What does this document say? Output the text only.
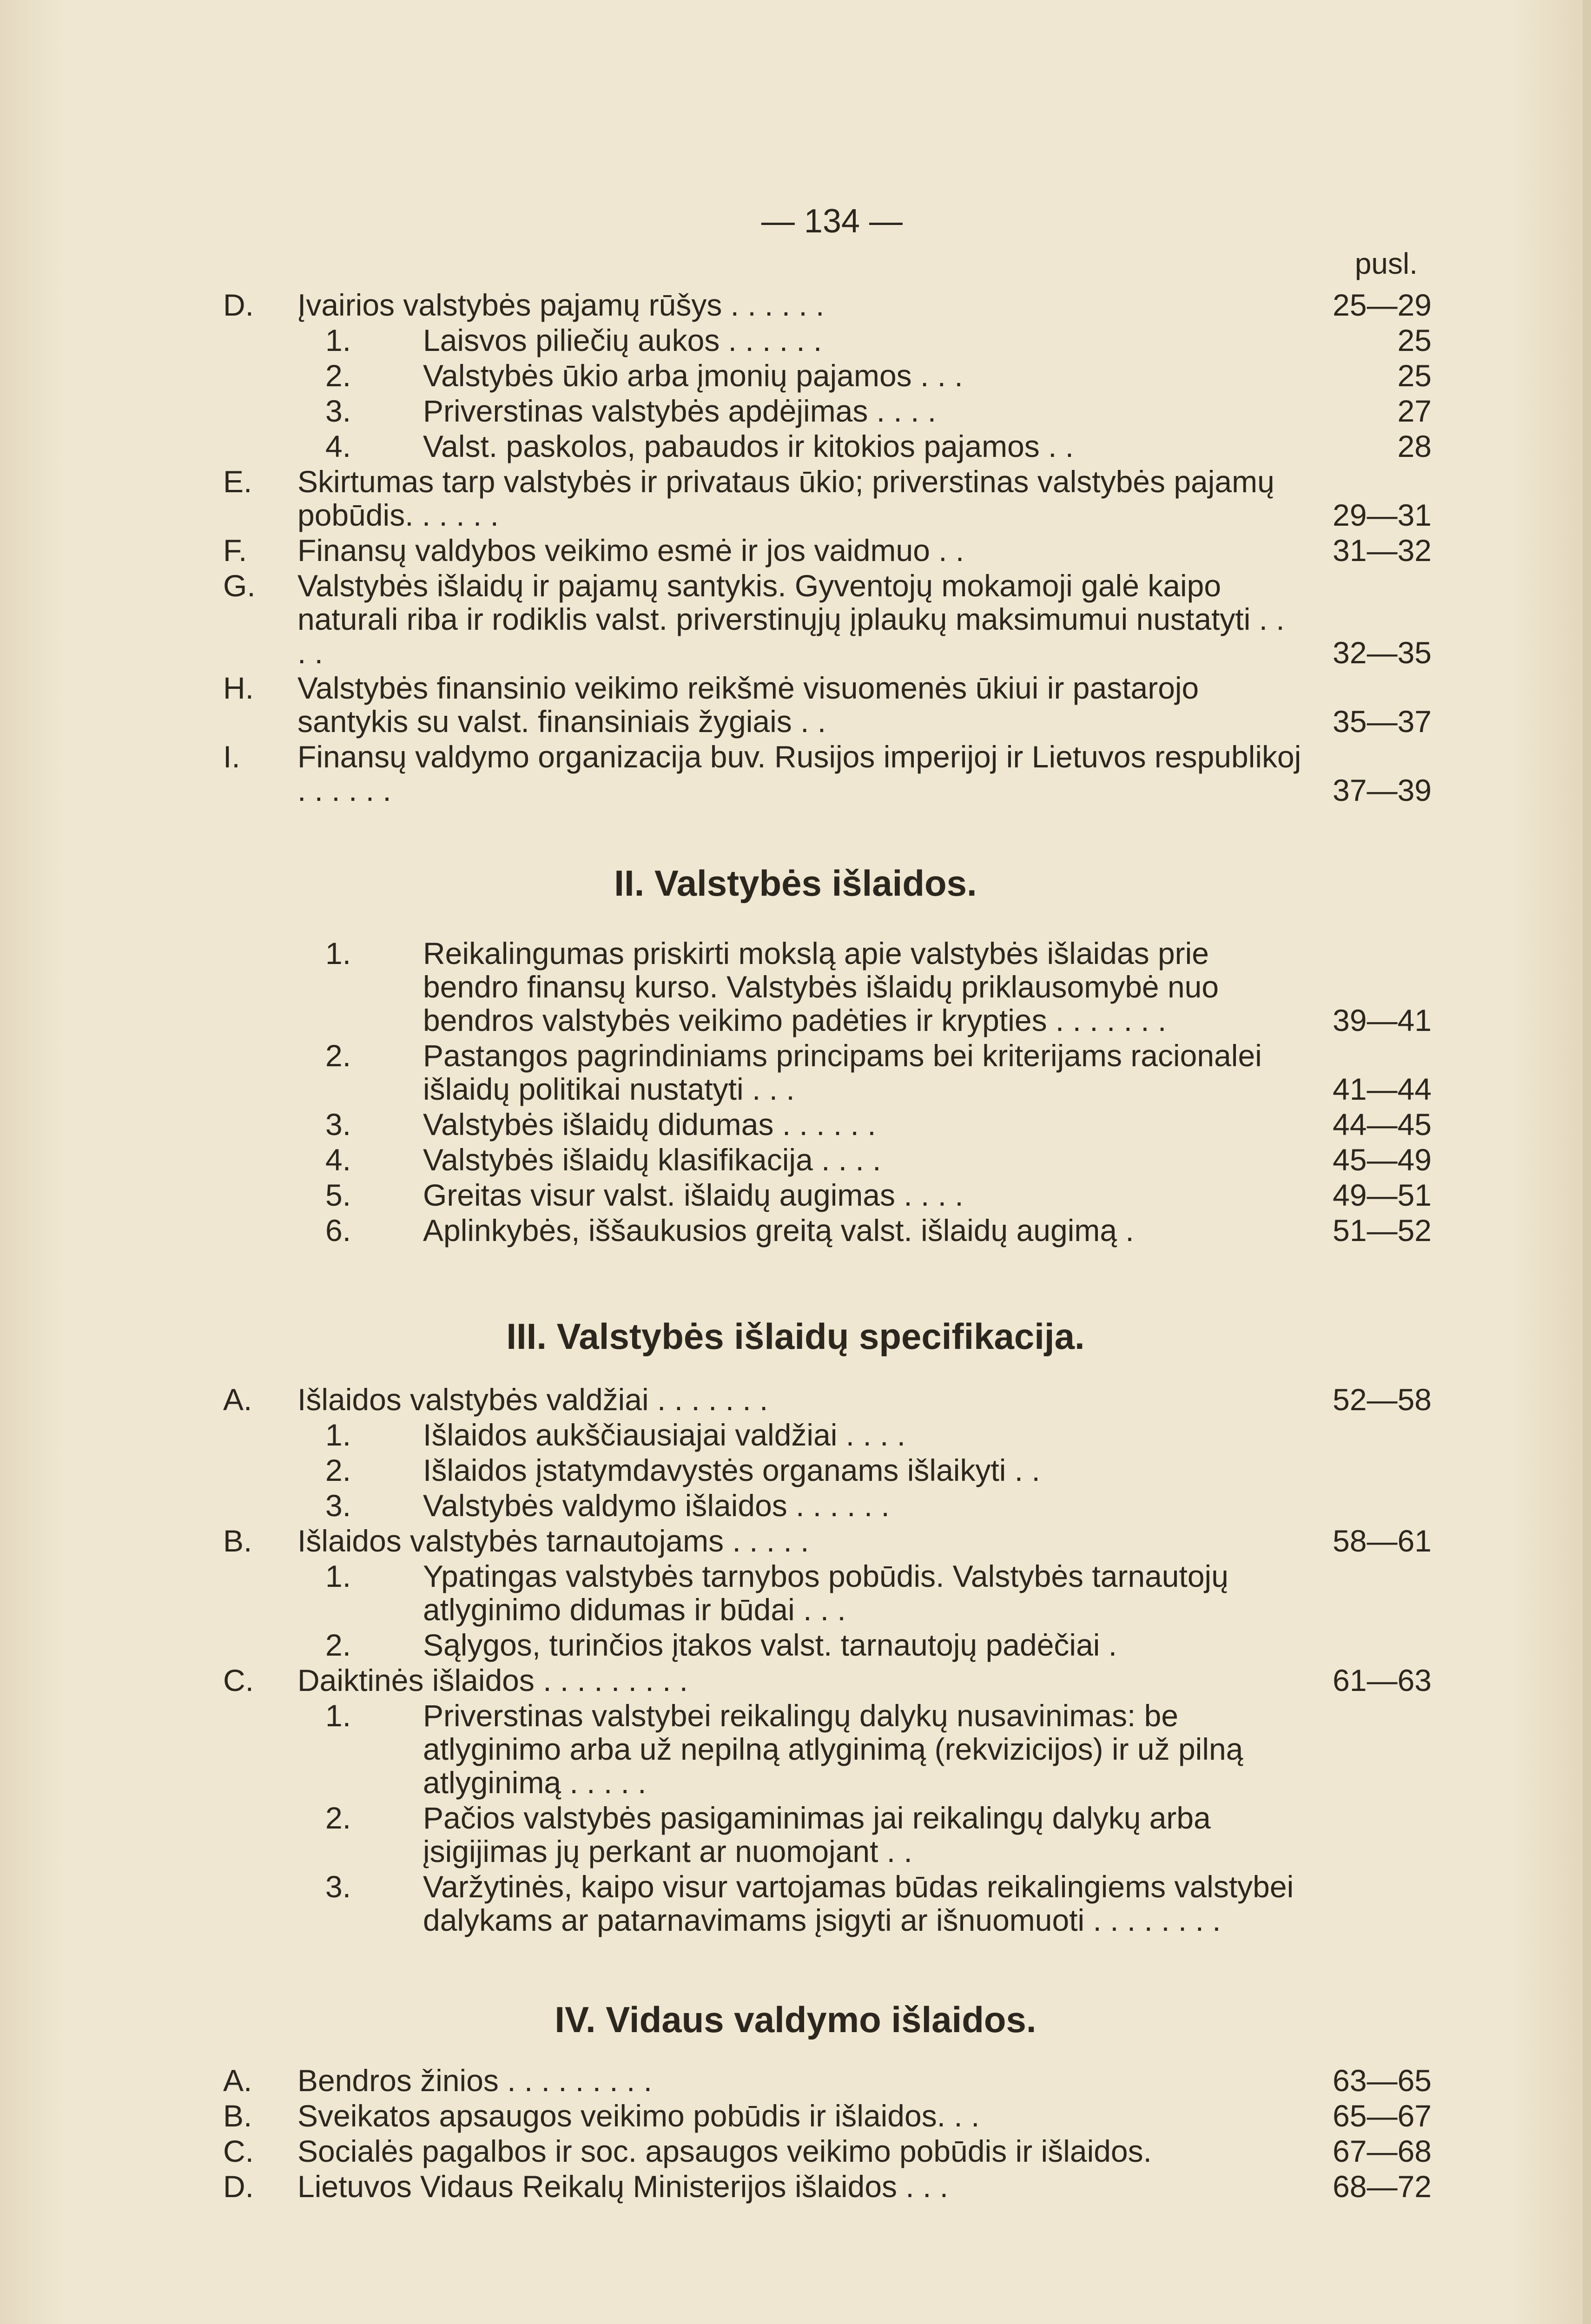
— 134 —
pusl.
D. Įvairios valstybės pajamų rūšys . . . . . .	25—29
1. Laisvos piliečių aukos . . . . . .	25
2. Valstybės ūkio arba įmonių pajamos . . .	25
3. Priverstinas valstybės apdėjimas . . . .	27
4. Valst. paskolos, pabaudos ir kitokios pajamos . .	28
E. Skirtumas tarp valstybės ir privataus ūkio; priverstinas valstybės pajamų pobūdis. . . . . .	29—31
F. Finansų valdybos veikimo esmė ir jos vaidmuo . .	31—32
G. Valstybės išlaidų ir pajamų santykis. Gyventojų mokamoji galė kaipo naturali riba ir rodiklis valst. priverstinųjų įplaukų maksimumui nustatyti . . . .	32—35
H. Valstybės finansinio veikimo reikšmė visuomenės ūkiui ir pastarojo santykis su valst. finansiniais žygiais . .	35—37
I. Finansų valdymo organizacija buv. Rusijos imperijoj ir Lietuvos respublikoj . . . . . .	37—39
II. Valstybės išlaidos.
1. Reikalingumas priskirti mokslą apie valstybės išlaidas prie bendro finansų kurso. Valstybės išlaidų priklausomybė nuo bendros valstybės veikimo padėties ir krypties . . . . . . .	39—41
2. Pastangos pagrindiniams principams bei kriterijams racionalei išlaidų politikai nustatyti . . .	41—44
3. Valstybės išlaidų didumas . . . . . .	44—45
4. Valstybės išlaidų klasifikacija . . . .	45—49
5. Greitas visur valst. išlaidų augimas . . . .	49—51
6. Aplinkybės, iššaukusios greitą valst. išlaidų augimą .	51—52
III. Valstybės išlaidų specifikacija.
A. Išlaidos valstybės valdžiai . . . . . . .	52—58
1. Išlaidos aukščiausiajai valdžiai . . . .
2. Išlaidos įstatymdavystės organams išlaikyti . .
3. Valstybės valdymo išlaidos . . . . . .
B. Išlaidos valstybės tarnautojams . . . . .	58—61
1. Ypatingas valstybės tarnybos pobūdis. Valstybės tarnautojų atlyginimo didumas ir būdai . . .
2. Sąlygos, turinčios įtakos valst. tarnautojų padėčiai .
C. Daiktinės išlaidos . . . . . . . . .	61—63
1. Priverstinas valstybei reikalingų dalykų nusavinimas: be atlyginimo arba už nepilną atlyginimą (rekvizicijos) ir už pilną atlyginimą . . . . .
2. Pačios valstybės pasigaminimas jai reikalingų dalykų arba įsigijimas jų perkant ar nuomojant . .
3. Varžytinės, kaipo visur vartojamas būdas reikalingiems valstybei dalykams ar patarnavimams įsigyti ar išnuomuoti . . . . . . . .
IV. Vidaus valdymo išlaidos.
A. Bendros žinios . . . . . . . . .	63—65
B. Sveikatos apsaugos veikimo pobūdis ir išlaidos. . .	65—67
C. Socialės pagalbos ir soc. apsaugos veikimo pobūdis ir išlaidos.	67—68
D. Lietuvos Vidaus Reikalų Ministerijos išlaidos . . .	68—72
